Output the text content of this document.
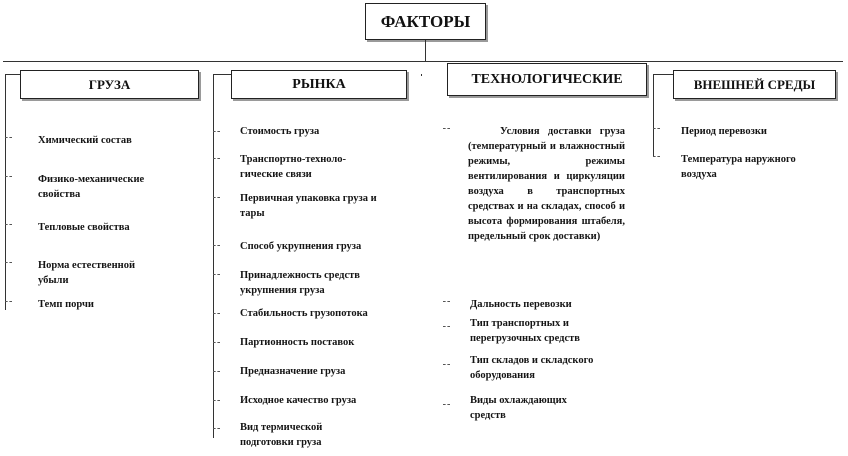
ФАКТОРЫ
ГРУЗА	РЫНКА	ТЕХНОЛОГИЧЕСКИЕ	ВНЕШНЕЙ СРЕДЫ
Химический состав
Физико-механические свойства
Тепловые свойства
Норма естественной убыли
Темп порчи
Стоимость груза
Транспортно-техноло-гические связи
Первичная упаковка груза и тары
Способ укрупнения груза
Принадлежность средств укрупнения груза
Стабильность грузопотока
Партионность поставок
Предназначение груза
Исходное качество груза
Вид термической подготовки груза
Условия доставки груза (температурный и влажностный режимы, режимы вентилирования и циркуляции воздуха в транспортных средствах и на складах, способ и высота формирования штабеля, предельный срок доставки)
Дальность перевозки
Тип транспортных и перегрузочных средств
Тип складов и складского оборудования
Виды охлаждающих средств
Период перевозки
Температура наружного воздуха
